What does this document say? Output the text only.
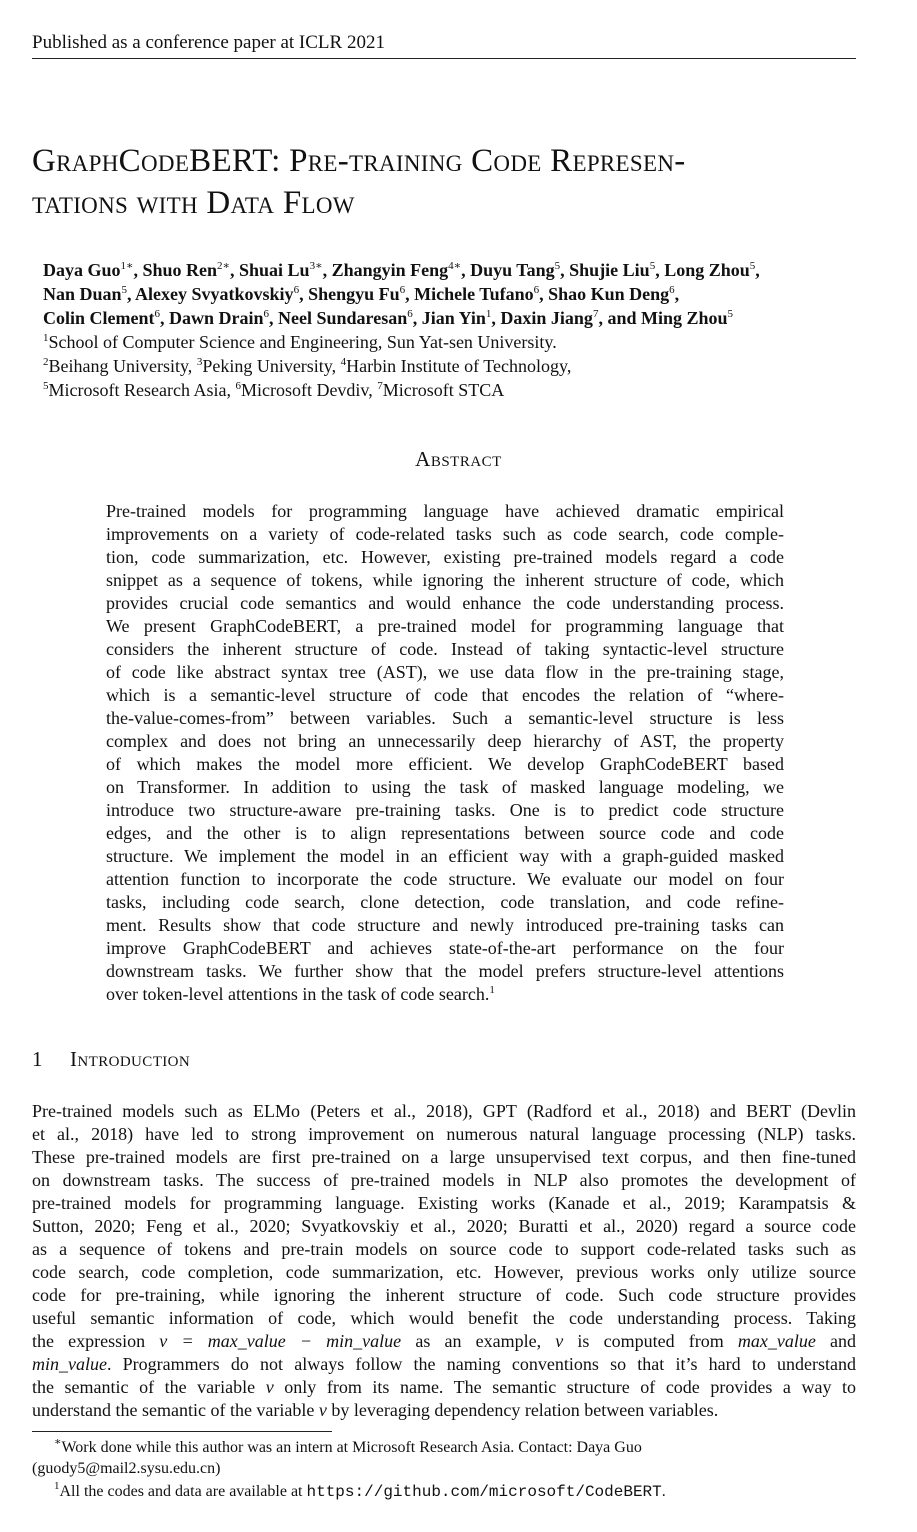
Published as a conference paper at ICLR 2021
GraphCodeBERT: Pre-training Code Represen-
tations with Data Flow
Daya Guo$^{1∗}$, Shuo Ren$^{2∗}$, Shuai $Lu^{3∗}$, Zhangyin Feng$^{4∗}$, Duyu Tang$^5$, Shujie Liu$^5$, Long Zhou$^5$,
Nan Duan$^5$, Alexey Svyatkovskiy$^6$, Shengyu Fu$^6$, Michele Tufano$^6$, Shao Kun Deng$^6$,
Colin Clement$^6$, Dawn Drain$^6$, Neel Sundaresan$^6$, Jian Yin$^1$, Daxin Jiang$^7$, and Ming Zhou$^5$
$^1$School of Computer Science and Engineering, Sun Yat-sen University.
$^2$Beihang University, $^3$Peking University, $^4$Harbin Institute of Technology,
$^5$Microsoft Research Asia, $^6$Microsoft Devdiv, $^7$Microsoft STCA
Abstract
Pre-trained models for programming language have achieved dramatic empirical
improvements on a variety of code-related tasks such as code search, code comple-
tion, code summarization, etc. However, existing pre-trained models regard a code
snippet as a sequence of tokens, while ignoring the inherent structure of code, which
provides crucial code semantics and would enhance the code understanding process.
We present GraphCodeBERT, a pre-trained model for programming language that
considers the inherent structure of code. Instead of taking syntactic-level structure
of code like abstract syntax tree (AST), we use data flow in the pre-training stage,
which is a semantic-level structure of code that encodes the relation of “where-
the-value-comes-from” between variables. Such a semantic-level structure is less
complex and does not bring an unnecessarily deep hierarchy of AST, the property
of which makes the model more efficient. We develop GraphCodeBERT based
on Transformer. In addition to using the task of masked language modeling, we
introduce two structure-aware pre-training tasks. One is to predict code structure
edges, and the other is to align representations between source code and code
structure. We implement the model in an efficient way with a graph-guided masked
attention function to incorporate the code structure. We evaluate our model on four
tasks, including code search, clone detection, code translation, and code refine-
ment. Results show that code structure and newly introduced pre-training tasks can
improve GraphCodeBERT and achieves state-of-the-art performance on the four
downstream tasks. We further show that the model prefers structure-level attentions
over token-level attentions in the task of code search.$^1$
1 Introduction
Pre-trained models such as ELMo (Peters et al., 2018), GPT (Radford et al., 2018) and BERT (Devlin
et al., 2018) have led to strong improvement on numerous natural language processing (NLP) tasks.
These pre-trained models are first pre-trained on a large unsupervised text corpus, and then fine-tuned
on downstream tasks. The success of pre-trained models in NLP also promotes the development of
pre-trained models for programming language. Existing works (Kanade et al., 2019; Karampatsis &
Sutton, 2020; Feng et al., 2020; Svyatkovskiy et al., 2020; Buratti et al., 2020) regard a source code
as a sequence of tokens and pre-train models on source code to support code-related tasks such as
code search, code completion, code summarization, etc. However, previous works only utilize source
code for pre-training, while ignoring the inherent structure of code. Such code structure provides
useful semantic information of code, which would benefit the code understanding process. Taking
the expression v = max_value − min_value as an example, v is computed from max_value and
min_value. Programmers do not always follow the naming conventions so that it’s hard to understand
the semantic of the variable v only from its name. The semantic structure of code provides a way to
understand the semantic of the variable v by leveraging dependency relation between variables.
∗Work done while this author was an intern at Microsoft Research Asia. Contact: Daya Guo
(guody5@mail2.sysu.edu.cn)
$^1$All the codes and data are available at https://github.com/microsoft/CodeBERT.
